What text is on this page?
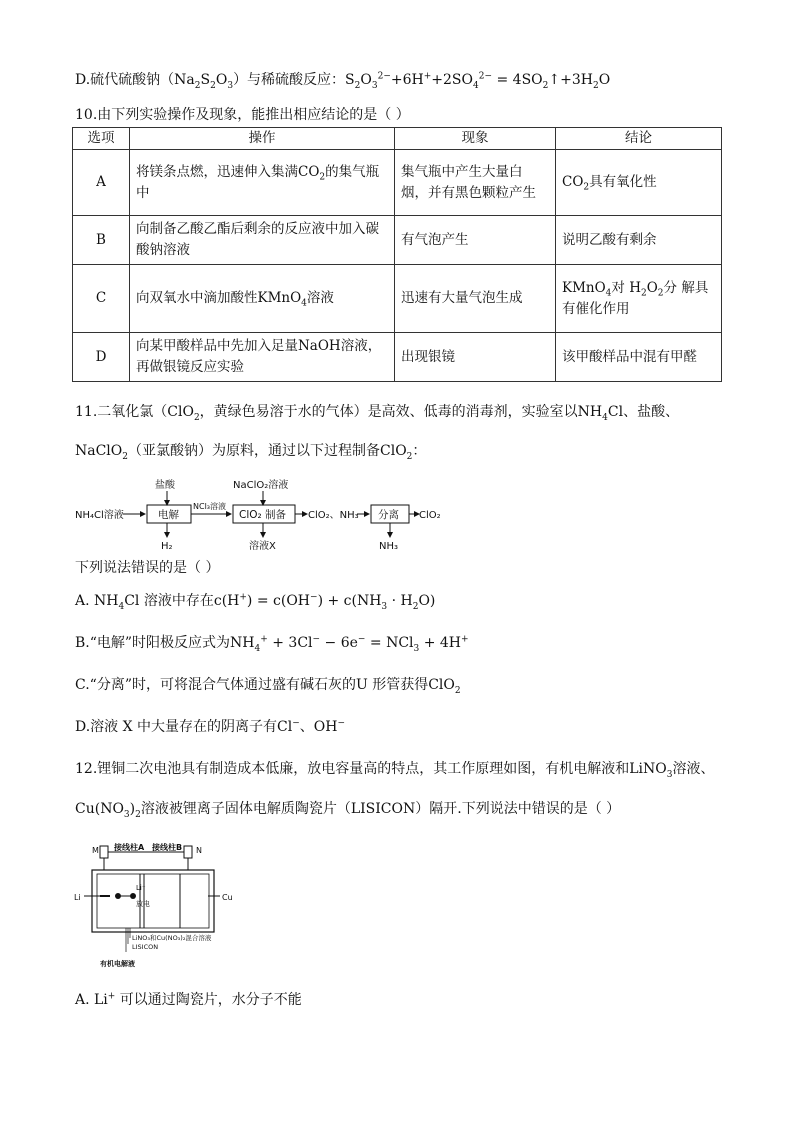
D.硫代硫酸钠$(Na_2S_2O_3)$与稀硫酸反应：$S_2O_3^{2-}+6H^++2SO_4^{2-}$ = $4SO_2↑+3H_2O$
10.由下列实验操作及现象，能推出相应结论的是（ ）
选项	操作	现象	结论
A	将镁条点燃，迅速伸入集满$CO_2$的集气瓶中	集气瓶中产生大量白烟，并有黑色颗粒产生	$CO_2$具有氧化性
B	向制备乙酸乙酯后剩余的反应液中加入碳酸钠溶液	有气泡产生	说明乙酸有剩余
C	向双氧水中滴加酸性KMnO$_4$溶液	迅速有大量气泡生成	KMnO$_4$对 $H_2O_2$分 解具有催化作用
D	向某甲酸样品中先加入足量NaOH溶液，再做银镜反应实验	出现银镜	该甲酸样品中混有甲醛
11.二氧化氯（ClO$_2$，黄绿色易溶于水的气体）是高效、低毒的消毒剂，实验室以$NH_4Cl$、盐酸、
NaClO$_2$（亚氯酸钠）为原料，通过以下过程制备ClO$_2$：
NH₄Cl溶液
盐酸
电解
H₂
NCl₃溶液
NaClO₂溶液
ClO₂ 制备
溶液X
ClO₂、NH₃ 分离 ClO₂
NH₃
下列说法错误的是（ ）
A. $NH_4Cl$ 溶液中存在$c(H^+) = c(OH^-) + c(NH_3 \cdot H_2O)$
B.“电解”时阳极反应式为$NH_4^+ + 3Cl^- - 6e^- = NCl_3 + 4H^+$
C.“分离”时，可将混合气体通过盛有碱石灰的U 形管获得ClO$_2$
D.溶液 X 中大量存在的阴离子有Cl−、OH−
12.锂铜二次电池具有制造成本低廉，放电容量高的特点，其工作原理如图，有机电解液和LiNO$_3$溶液、
$Cu(NO_3)_2$溶液被锂离子固体电解质陶瓷片（LISICON）隔开.下列说法中错误的是（ ）
M	N
接线柱A 接线柱B
Li	Cu
Li⁺
放电
LiNO₃和Cu(NO₃)₂混合溶液
LISICON
有机电解液
A. Li+ 可以通过陶瓷片，水分子不能
